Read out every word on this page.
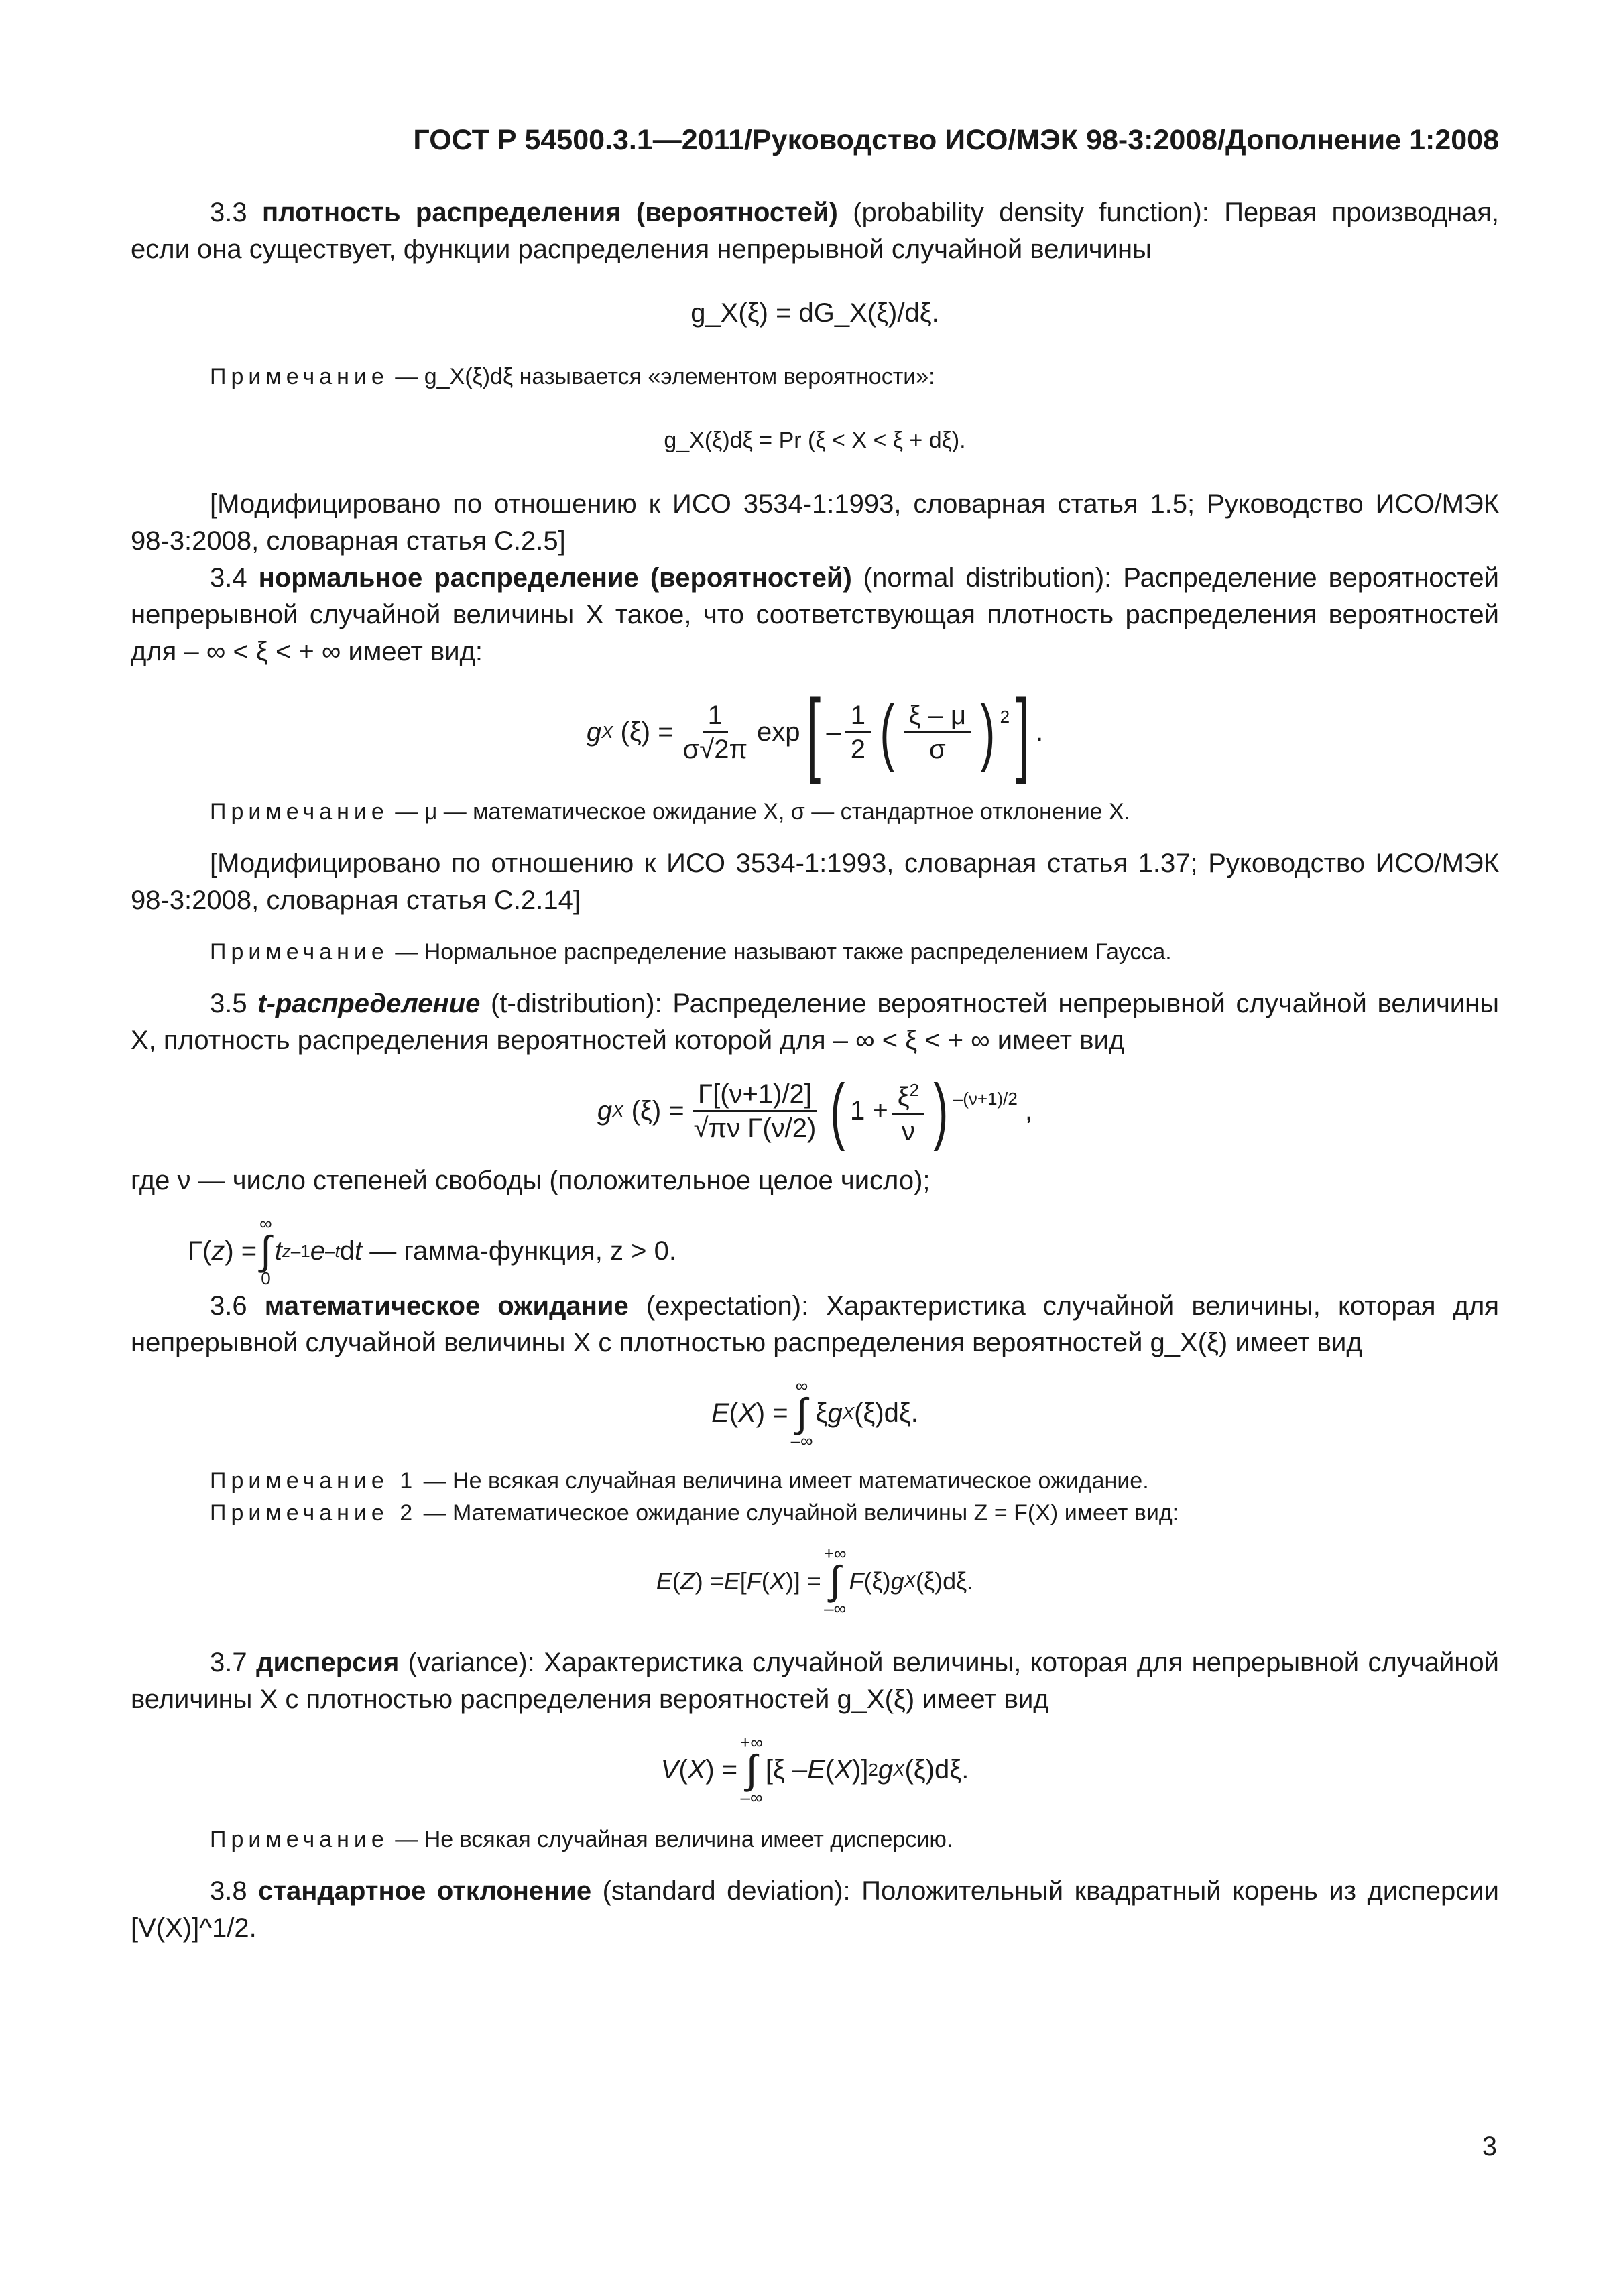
ГОСТ Р 54500.3.1—2011/Руководство ИСО/МЭК 98-3:2008/Дополнение 1:2008

3.3 плотность распределения (вероятностей) (probability density function): Первая производная, если она существует, функции распределения непрерывной случайной величины

g_X(ξ) = dG_X(ξ)/dξ.

Примечание — g_X(ξ)dξ называется «элементом вероятности»:

g_X(ξ)dξ = Pr (ξ < X < ξ + dξ).

[Модифицировано по отношению к ИСО 3534-1:1993, словарная статья 1.5; Руководство ИСО/МЭК 98-3:2008, словарная статья С.2.5]

3.4 нормальное распределение (вероятностей) (normal distribution): Распределение вероятностей непрерывной случайной величины X такое, что соответствующая плотность распределения вероятностей для – ∞ < ξ < + ∞ имеет вид:

g X $(\xi) = \frac{1}{\sigma√2\pi}$ exp [ – $\frac{1}{2}$ ( $\frac{\xi - \mu}{\sigma}$ ) $^2$ ] .

Примечание — μ — математическое ожидание X, σ — стандартное отклонение X.

[Модифицировано по отношению к ИСО 3534-1:1993, словарная статья 1.37; Руководство ИСО/МЭК 98-3:2008, словарная статья С.2.14]

Примечание — Нормальное распределение называют также распределением Гаусса.

3.5 t-распределение (t-distribution): Распределение вероятностей непрерывной случайной величины X, плотность распределения вероятностей которой для – ∞ < ξ < + ∞ имеет вид

g X $(\xi) = \frac{\Gamma[(\nu+1)/2]}{\text{√πν Γ(ν/2)}}$ ( $1 + \frac{\xi^2}{\nu}$ ) $^{-(\nu+1)/2}$ ,

где ν — число степеней свободы (положительное целое число);

Γ( z ) =
∞
∫
0
t z–1 e –t d t
— гамма-функция, z > 0.

3.6 математическое ожидание (expectation): Характеристика случайной величины, которая для непрерывной случайной величины X с плотностью распределения вероятностей g_X(ξ) имеет вид

E ( X ) =
∞
∫
–∞
ξ g X (ξ)dξ.

Примечание 1 — Не всякая случайная величина имеет математическое ожидание.

Примечание 2 — Математическое ожидание случайной величины Z = F(X) имеет вид:

E ( Z ) = E [ F ( X )] =
+∞
∫
–∞
F (ξ) g X (ξ)dξ.

3.7 дисперсия (variance): Характеристика случайной величины, которая для непрерывной случайной величины X с плотностью распределения вероятностей g_X(ξ) имеет вид

V ( X ) =
+∞
∫
–∞
[ξ – E ( X )] 2 g X (ξ)dξ.

Примечание — Не всякая случайная величина имеет дисперсию.

3.8 стандартное отклонение (standard deviation): Положительный квадратный корень из дисперсии [V(X)]^1/2.

3
